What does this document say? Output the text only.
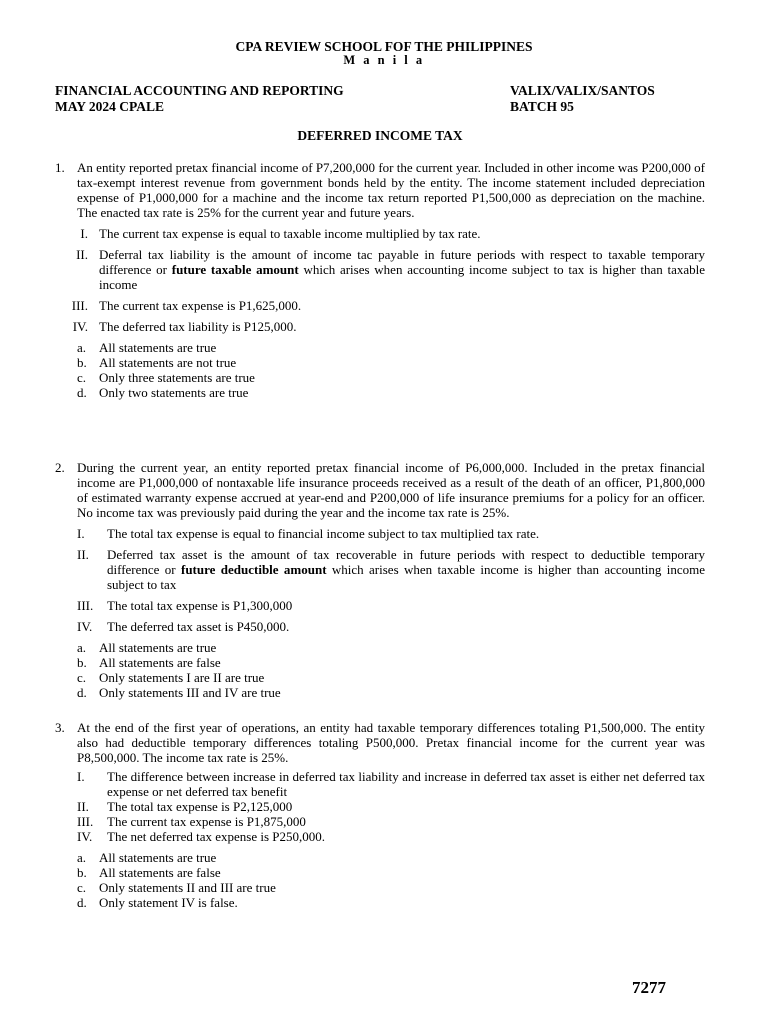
CPA REVIEW SCHOOL FOF THE PHILIPPINES
M a n i l a
FINANCIAL ACCOUNTING AND REPORTING
MAY 2024 CPALE
VALIX/VALIX/SANTOS
BATCH 95
DEFERRED INCOME TAX
1. An entity reported pretax financial income of P7,200,000 for the current year. Included in other income was P200,000 of tax-exempt interest revenue from government bonds held by the entity. The income statement included depreciation expense of P1,000,000 for a machine and the income tax return reported P1,500,000 as depreciation on the machine. The enacted tax rate is 25% for the current year and future years.
I. The current tax expense is equal to taxable income multiplied by tax rate.
II. Deferral tax liability is the amount of income tac payable in future periods with respect to taxable temporary difference or future taxable amount which arises when accounting income subject to tax is higher than taxable income
III. The current tax expense is P1,625,000.
IV. The deferred tax liability is P125,000.
a. All statements are true
b. All statements are not true
c. Only three statements are true
d. Only two statements are true
2. During the current year, an entity reported pretax financial income of P6,000,000. Included in the pretax financial income are P1,000,000 of nontaxable life insurance proceeds received as a result of the death of an officer, P1,800,000 of estimated warranty expense accrued at year-end and P200,000 of life insurance premiums for a policy for an officer. No income tax was previously paid during the year and the income tax rate is 25%.
I.	The total tax expense is equal to financial income subject to tax multiplied tax rate.
II.	Deferred tax asset is the amount of tax recoverable in future periods with respect to deductible temporary difference or future deductible amount which arises when taxable income is higher than accounting income subject to tax
III.	The total tax expense is P1,300,000
IV.	The deferred tax asset is P450,000.
a. All statements are true
b. All statements are false
c. Only statements I are II are true
d. Only statements III and IV are true
3. At the end of the first year of operations, an entity had taxable temporary differences totaling P1,500,000. The entity also had deductible temporary differences totaling P500,000. Pretax financial income for the current year was P8,500,000. The income tax rate is 25%.
I.	The difference between increase in deferred tax liability and increase in deferred tax asset is either net deferred tax expense or net deferred tax benefit
II.	The total tax expense is P2,125,000
III.	The current tax expense is P1,875,000
IV.	The net deferred tax expense is P250,000.
a. All statements are true
b. All statements are false
c. Only statements II and III are true
d. Only statement IV is false.
7277
